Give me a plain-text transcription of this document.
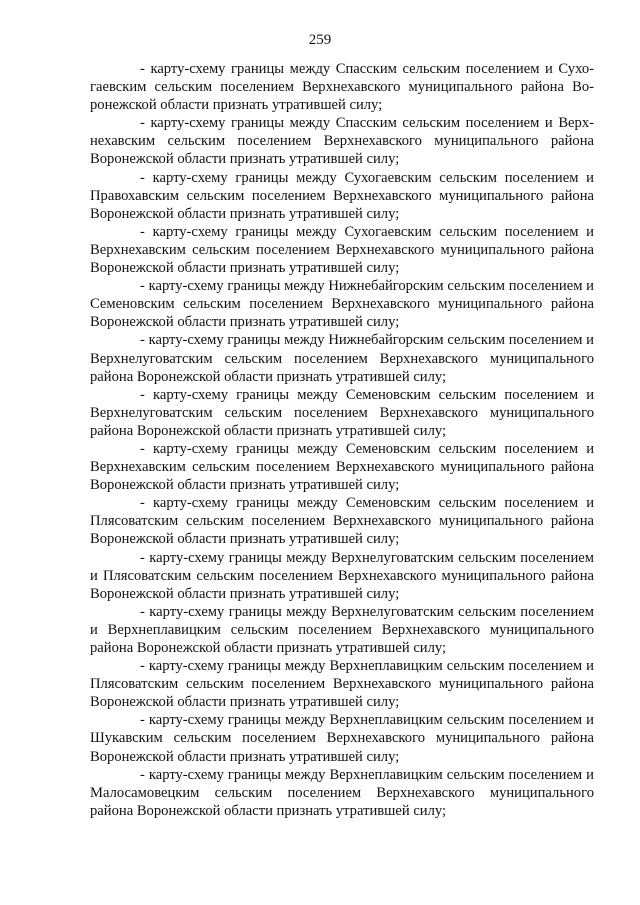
259

- карту-схему границы между Спасским сельским поселением и Сухогаевским сельским поселением Верхнехавского муниципального района Воронежской области признать утратившей силу;

- карту-схему границы между Спасским сельским поселением и Верхнехавским сельским поселением Верхнехавского муниципального района Воронежской области признать утратившей силу;

- карту-схему границы между Сухогаевским сельским поселением и Правохавским сельским поселением Верхнехавского муниципального района Воронежской области признать утратившей силу;

- карту-схему границы между Сухогаевским сельским поселением и Верхнехавским сельским поселением Верхнехавского муниципального района Воронежской области признать утратившей силу;

- карту-схему границы между Нижнебайгорским сельским поселением и Семеновским сельским поселением Верхнехавского муниципального района Воронежской области признать утратившей силу;

- карту-схему границы между Нижнебайгорским сельским поселением и Верхнелуговатским сельским поселением Верхнехавского муниципального района Воронежской области признать утратившей силу;

- карту-схему границы между Семеновским сельским поселением и Верхнелуговатским сельским поселением Верхнехавского муниципального района Воронежской области признать утратившей силу;

- карту-схему границы между Семеновским сельским поселением и Верхнехавским сельским поселением Верхнехавского муниципального района Воронежской области признать утратившей силу;

- карту-схему границы между Семеновским сельским поселением и Плясоватским сельским поселением Верхнехавского муниципального района Воронежской области признать утратившей силу;

- карту-схему границы между Верхнелуговатским сельским поселением и Плясоватским сельским поселением Верхнехавского муниципального района Воронежской области признать утратившей силу;

- карту-схему границы между Верхнелуговатским сельским поселением и Верхнеплавицким сельским поселением Верхнехавского муниципального района Воронежской области признать утратившей силу;

- карту-схему границы между Верхнеплавицким сельским поселением и Плясоватским сельским поселением Верхнехавского муниципального района Воронежской области признать утратившей силу;

- карту-схему границы между Верхнеплавицким сельским поселением и Шукавским сельским поселением Верхнехавского муниципального района Воронежской области признать утратившей силу;

- карту-схему границы между Верхнеплавицким сельским поселением и Малосамовецким сельским поселением Верхнехавского муниципального района Воронежской области признать утратившей силу;
